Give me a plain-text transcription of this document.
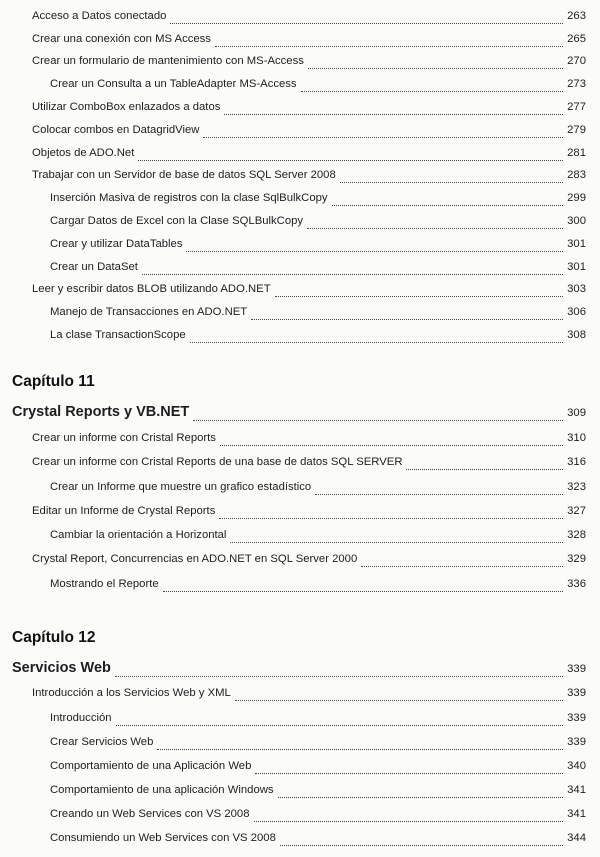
Acceso a Datos conectado	263
Crear una conexión con MS Access	265
Crear un formulario de mantenimiento con MS-Access	270
Crear un Consulta a un TableAdapter MS-Access	273
Utilizar ComboBox enlazados a datos	277
Colocar combos en DatagridView	279
Objetos de ADO.Net	281
Trabajar con un Servidor de base de datos SQL Server 2008	283
Inserción Masiva de registros con la clase SqlBulkCopy	299
Cargar Datos de Excel con la Clase SQLBulkCopy	300
Crear y utilizar DataTables	301
Crear un DataSet	301
Leer y escribir datos BLOB utilizando ADO.NET	303
Manejo de Transacciones en ADO.NET	306
La clase TransactionScope	308
Capítulo 11
Crystal Reports y VB.NET	309
Crear un informe con Cristal Reports	310
Crear un informe con Cristal Reports de una base de datos SQL SERVER	316
Crear un Informe que muestre un grafico estadístico	323
Editar un Informe de Crystal Reports	327
Cambiar la orientación a Horizontal	328
Crystal Report, Concurrencias en ADO.NET en SQL Server 2000	329
Mostrando el Reporte	336
Capítulo 12
Servicios Web	339
Introducción a los Servicios Web y XML	339
Introducción	339
Crear Servicios Web	339
Comportamiento de una Aplicación Web	340
Comportamiento de una aplicación Windows	341
Creando un Web Services con VS 2008	341
Consumiendo un Web Services con VS 2008	344
